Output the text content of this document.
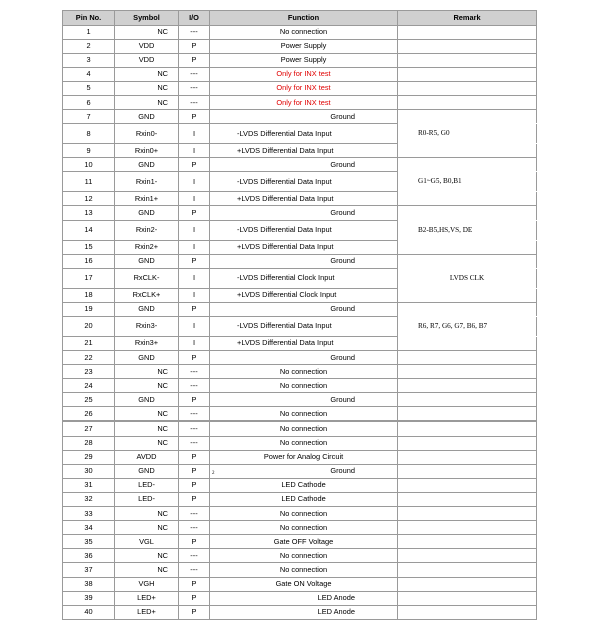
Pin No.	Symbol	I/O	Function	Remark
1	NC	---	No connection	
2	VDD	P	Power Supply	
3	VDD	P	Power Supply	
4	NC	---	Only for INX test	
5	NC	---	Only for INX test	
6	NC	---	Only for INX test	
7	GND	P	Ground	
8	Rxin0-	I	-LVDS Differential Data Input	R0-R5, G0
9	Rxin0+	I	+LVDS Differential Data Input	
10	GND	P	Ground	
11	Rxin1-	I	-LVDS Differential Data Input	G1~G5, B0,B1
12	Rxin1+	I	+LVDS Differential Data Input	
13	GND	P	Ground	
14	Rxin2-	I	-LVDS Differential Data Input	B2-B5,HS,VS, DE
15	Rxin2+	I	+LVDS Differential Data Input	
16	GND	P	Ground	
17	RxCLK-	I	-LVDS Differential Clock Input	LVDS CLK
18	RxCLK+	I	+LVDS Differential Clock Input	
19	GND	P	Ground	
20	Rxin3-	I	-LVDS Differential Data Input	R6, R7, G6, G7, B6, B7
21	Rxin3+	I	+LVDS Differential Data Input	
22	GND	P	Ground	
23	NC	---	No connection	
24	NC	---	No connection	
25	GND	P	Ground	
26	NC	---	No connection	
27	NC	---	No connection	
28	NC	---	No connection	
29	AVDD	P	Power for Analog Circuit	
30	GND	P	Ground	
31	LED-	P	LED Cathode	
32	LED-	P	LED Cathode	
33	NC	---	No connection	
34	NC	---	No connection	
35	VGL	P	Gate OFF Voltage	
36	NC	---	No connection	
37	NC	---	No connection	
38	VGH	P	Gate ON Voltage	
39	LED+	P	LED Anode	
40	LED+	P	LED Anode	
2
